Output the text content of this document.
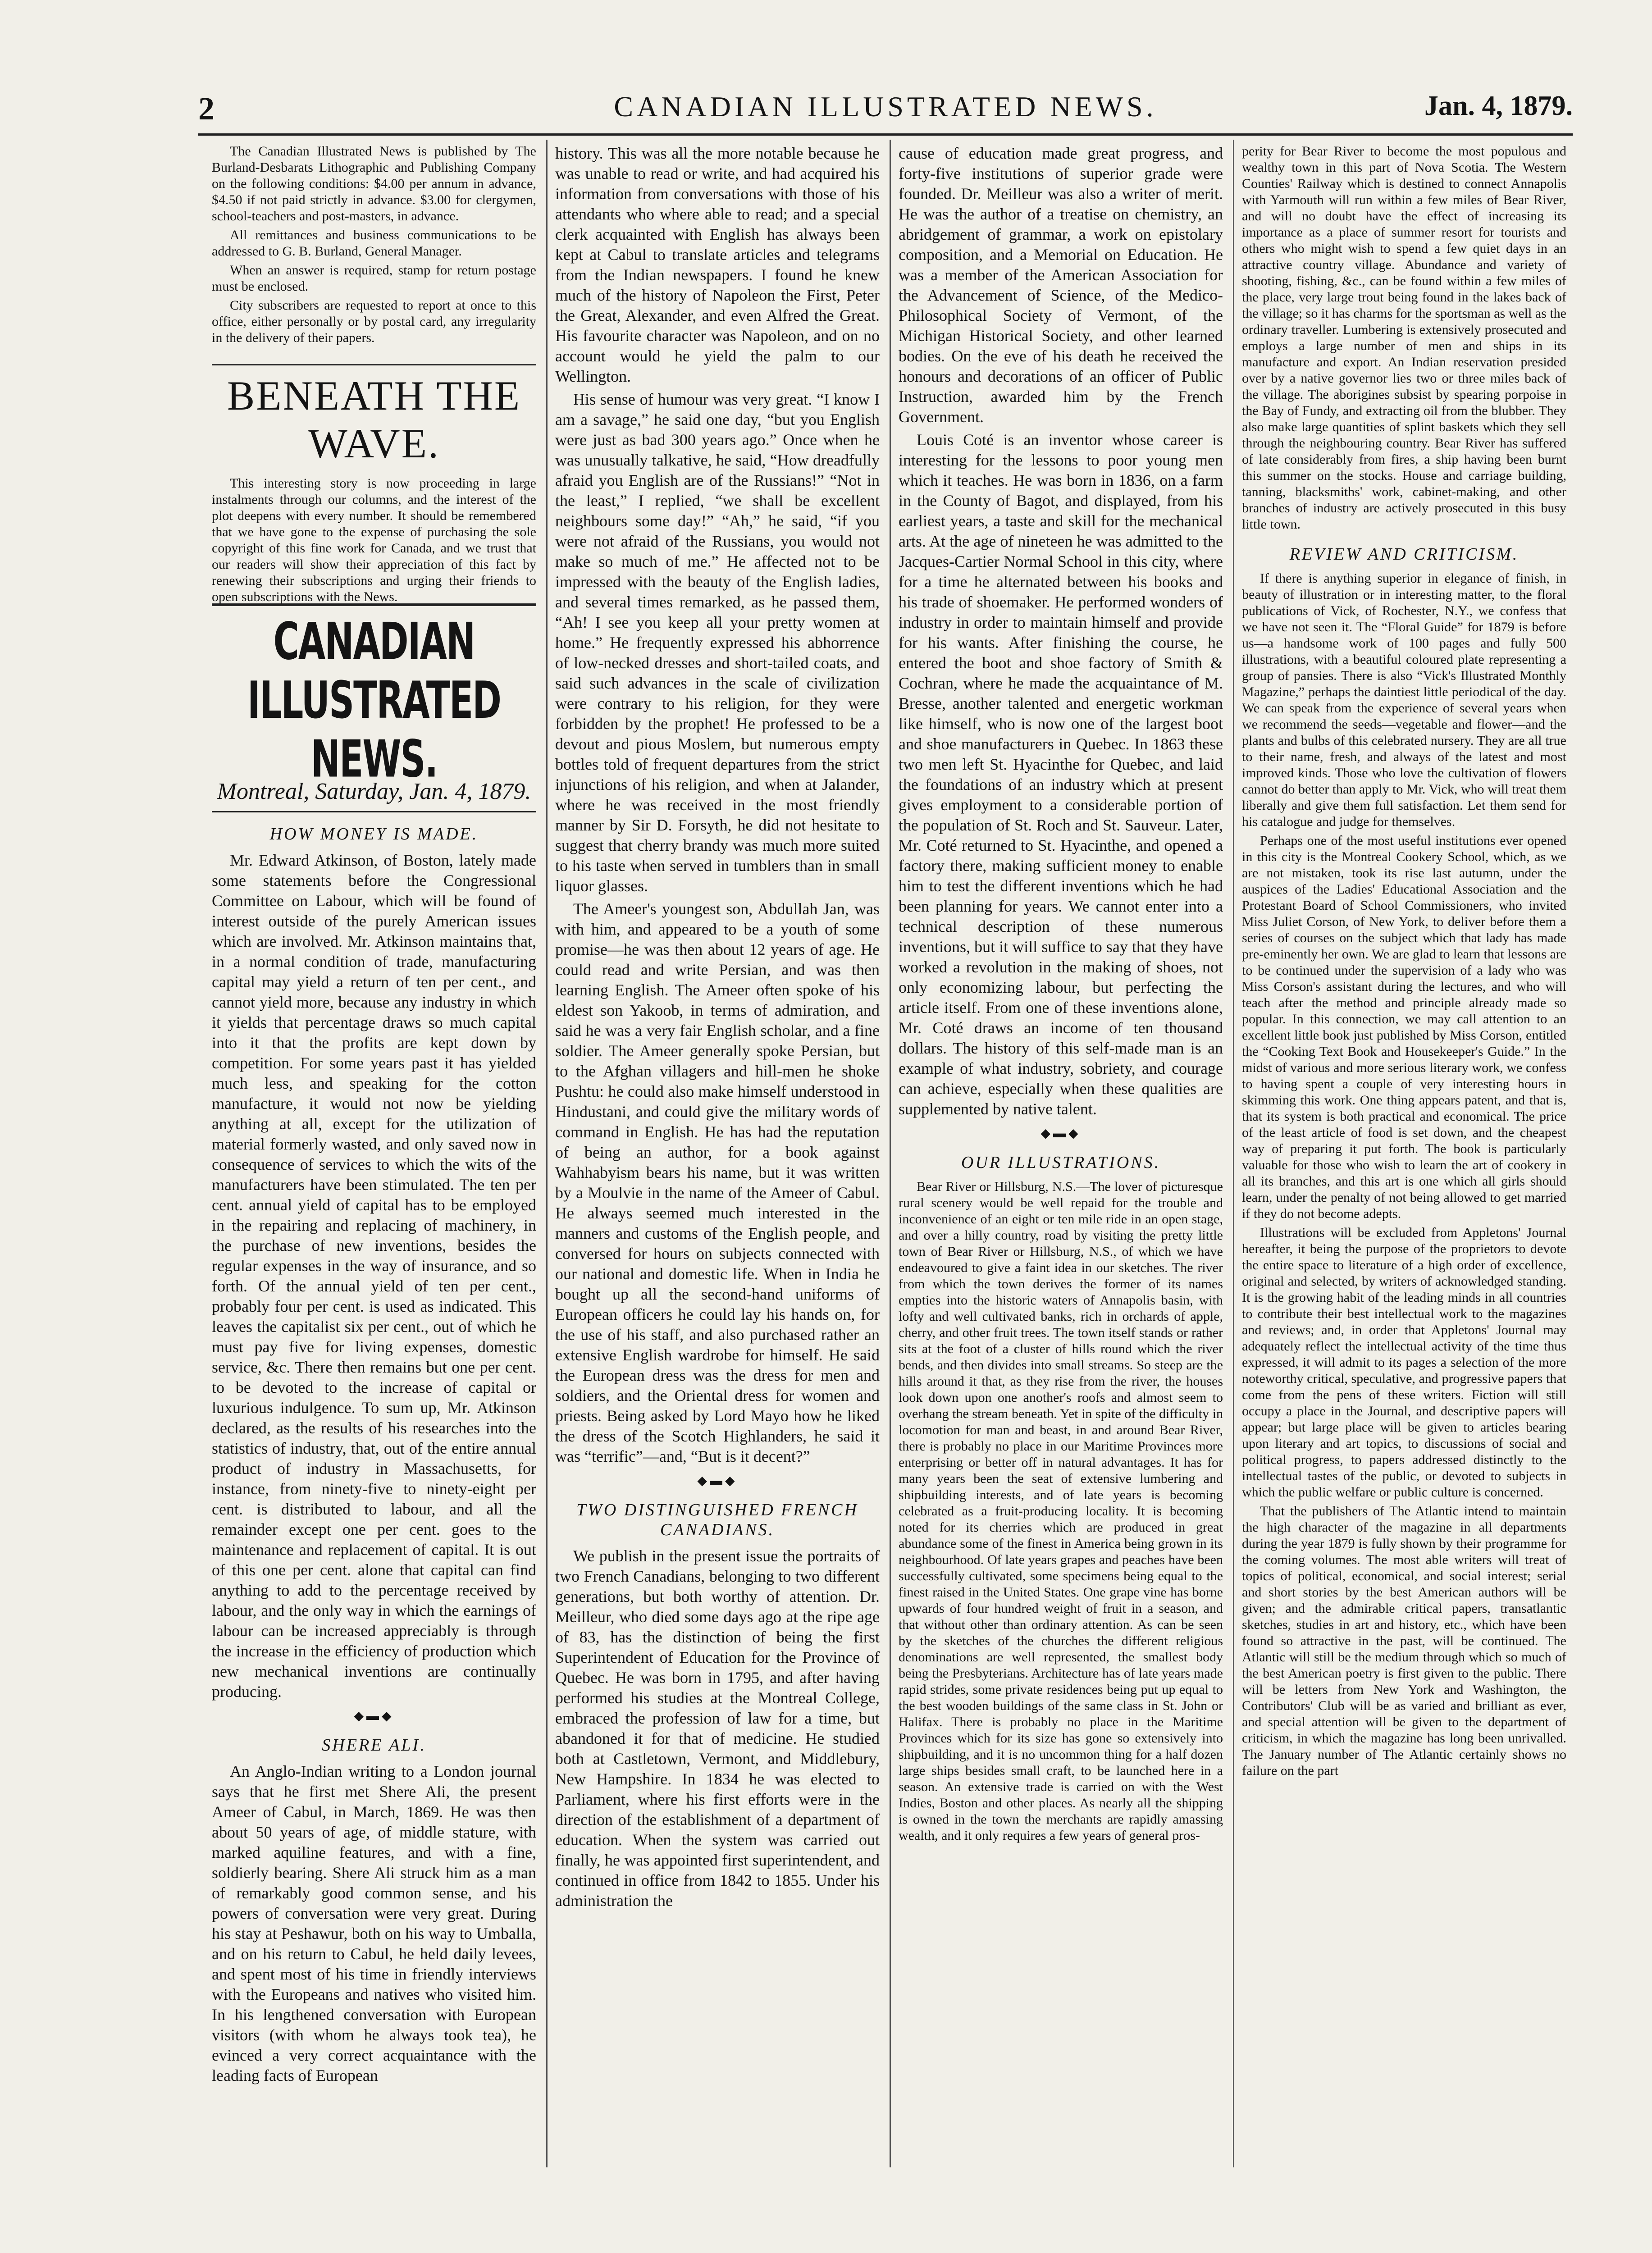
2	CANADIAN ILLUSTRATED NEWS.	Jan. 4, 1879.

The Canadian Illustrated News is published by The Burland-Desbarats Lithographic and Publishing Company on the following conditions: $4.00 per annum in advance, $4.50 if not paid strictly in advance. $3.00 for clergymen, school-teachers and post-masters, in advance.

All remittances and business communications to be addressed to G. B. Burland, General Manager.

When an answer is required, stamp for return postage must be enclosed.

City subscribers are requested to report at once to this office, either personally or by postal card, any irregularity in the delivery of their papers.

BENEATH THE WAVE.

This interesting story is now proceeding in large instalments through our columns, and the interest of the plot deepens with every number. It should be remembered that we have gone to the expense of purchasing the sole copyright of this fine work for Canada, and we trust that our readers will show their appreciation of this fact by renewing their subscriptions and urging their friends to open subscriptions with the News.

CANADIAN ILLUSTRATED NEWS.
Montreal, Saturday, Jan. 4, 1879.
HOW MONEY IS MADE.

Mr. Edward Atkinson, of Boston, lately made some statements before the Congressional Committee on Labour, which will be found of interest outside of the purely American issues which are involved. Mr. Atkinson maintains that, in a normal condition of trade, manufacturing capital may yield a return of ten per cent., and cannot yield more, because any industry in which it yields that percentage draws so much capital into it that the profits are kept down by competition. For some years past it has yielded much less, and speaking for the cotton manufacture, it would not now be yielding anything at all, except for the utilization of material formerly wasted, and only saved now in consequence of services to which the wits of the manufacturers have been stimulated. The ten per cent. annual yield of capital has to be employed in the repairing and replacing of machinery, in the purchase of new inventions, besides the regular expenses in the way of insurance, and so forth. Of the annual yield of ten per cent., probably four per cent. is used as indicated. This leaves the capitalist six per cent., out of which he must pay five for living expenses, domestic service, &c. There then remains but one per cent. to be devoted to the increase of capital or luxurious indulgence. To sum up, Mr. Atkinson declared, as the results of his researches into the statistics of industry, that, out of the entire annual product of industry in Massachusetts, for instance, from ninety-five to ninety-eight per cent. is distributed to labour, and all the remainder except one per cent. goes to the maintenance and replacement of capital. It is out of this one per cent. alone that capital can find anything to add to the percentage received by labour, and the only way in which the earnings of labour can be increased appreciably is through the increase in the efficiency of production which new mechanical inventions are continually producing.

◆▬◆
SHERE ALI.

An Anglo-Indian writing to a London journal says that he first met Shere Ali, the present Ameer of Cabul, in March, 1869. He was then about 50 years of age, of middle stature, with marked aquiline features, and with a fine, soldierly bearing. Shere Ali struck him as a man of remarkably good common sense, and his powers of conversation were very great. During his stay at Peshawur, both on his way to Umballa, and on his return to Cabul, he held daily levees, and spent most of his time in friendly interviews with the Europeans and natives who visited him. In his lengthened conversation with European visitors (with whom he always took tea), he evinced a very correct acquaintance with the leading facts of European

history. This was all the more notable because he was unable to read or write, and had acquired his information from conversations with those of his attendants who where able to read; and a special clerk acquainted with English has always been kept at Cabul to translate articles and telegrams from the Indian newspapers. I found he knew much of the history of Napoleon the First, Peter the Great, Alexander, and even Alfred the Great. His favourite character was Napoleon, and on no account would he yield the palm to our Wellington.

His sense of humour was very great. “I know I am a savage,” he said one day, “but you English were just as bad 300 years ago.” Once when he was unusually talkative, he said, “How dreadfully afraid you English are of the Russians!” “Not in the least,” I replied, “we shall be excellent neighbours some day!” “Ah,” he said, “if you were not afraid of the Russians, you would not make so much of me.” He affected not to be impressed with the beauty of the English ladies, and several times remarked, as he passed them, “Ah! I see you keep all your pretty women at home.” He frequently expressed his abhorrence of low-necked dresses and short-tailed coats, and said such advances in the scale of civilization were contrary to his religion, for they were forbidden by the prophet! He professed to be a devout and pious Moslem, but numerous empty bottles told of frequent departures from the strict injunctions of his religion, and when at Jalander, where he was received in the most friendly manner by Sir D. Forsyth, he did not hesitate to suggest that cherry brandy was much more suited to his taste when served in tumblers than in small liquor glasses.

The Ameer's youngest son, Abdullah Jan, was with him, and appeared to be a youth of some promise—he was then about 12 years of age. He could read and write Persian, and was then learning English. The Ameer often spoke of his eldest son Yakoob, in terms of admiration, and said he was a very fair English scholar, and a fine soldier. The Ameer generally spoke Persian, but to the Afghan villagers and hill-men he shoke Pushtu: he could also make himself understood in Hindustani, and could give the military words of command in English. He has had the reputation of being an author, for a book against Wahhabyism bears his name, but it was written by a Moulvie in the name of the Ameer of Cabul. He always seemed much interested in the manners and customs of the English people, and conversed for hours on subjects connected with our national and domestic life. When in India he bought up all the second-hand uniforms of European officers he could lay his hands on, for the use of his staff, and also purchased rather an extensive English wardrobe for himself. He said the European dress was the dress for men and soldiers, and the Oriental dress for women and priests. Being asked by Lord Mayo how he liked the dress of the Scotch Highlanders, he said it was “terrific”—and, “But is it decent?”

◆▬◆
TWO DISTINGUISHED FRENCH CANADIANS.

We publish in the present issue the portraits of two French Canadians, belonging to two different generations, but both worthy of attention. Dr. Meilleur, who died some days ago at the ripe age of 83, has the distinction of being the first Superintendent of Education for the Province of Quebec. He was born in 1795, and after having performed his studies at the Montreal College, embraced the profession of law for a time, but abandoned it for that of medicine. He studied both at Castletown, Vermont, and Middlebury, New Hampshire. In 1834 he was elected to Parliament, where his first efforts were in the direction of the establishment of a department of education. When the system was carried out finally, he was appointed first superintendent, and continued in office from 1842 to 1855. Under his administration the

cause of education made great progress, and forty-five institutions of superior grade were founded. Dr. Meilleur was also a writer of merit. He was the author of a treatise on chemistry, an abridgement of grammar, a work on epistolary composition, and a Memorial on Education. He was a member of the American Association for the Advancement of Science, of the Medico-Philosophical Society of Vermont, of the Michigan Historical Society, and other learned bodies. On the eve of his death he received the honours and decorations of an officer of Public Instruction, awarded him by the French Government.

Louis Coté is an inventor whose career is interesting for the lessons to poor young men which it teaches. He was born in 1836, on a farm in the County of Bagot, and displayed, from his earliest years, a taste and skill for the mechanical arts. At the age of nineteen he was admitted to the Jacques-Cartier Normal School in this city, where for a time he alternated between his books and his trade of shoemaker. He performed wonders of industry in order to maintain himself and provide for his wants. After finishing the course, he entered the boot and shoe factory of Smith & Cochran, where he made the acquaintance of M. Bresse, another talented and energetic workman like himself, who is now one of the largest boot and shoe manufacturers in Quebec. In 1863 these two men left St. Hyacinthe for Quebec, and laid the foundations of an industry which at present gives employment to a considerable portion of the population of St. Roch and St. Sauveur. Later, Mr. Coté returned to St. Hyacinthe, and opened a factory there, making sufficient money to enable him to test the different inventions which he had been planning for years. We cannot enter into a technical description of these numerous inventions, but it will suffice to say that they have worked a revolution in the making of shoes, not only economizing labour, but perfecting the article itself. From one of these inventions alone, Mr. Coté draws an income of ten thousand dollars. The history of this self-made man is an example of what industry, sobriety, and courage can achieve, especially when these qualities are supplemented by native talent.

◆▬◆
OUR ILLUSTRATIONS.

Bear River or Hillsburg, N.S.—The lover of picturesque rural scenery would be well repaid for the trouble and inconvenience of an eight or ten mile ride in an open stage, and over a hilly country, road by visiting the pretty little town of Bear River or Hillsburg, N.S., of which we have endeavoured to give a faint idea in our sketches. The river from which the town derives the former of its names empties into the historic waters of Annapolis basin, with lofty and well cultivated banks, rich in orchards of apple, cherry, and other fruit trees. The town itself stands or rather sits at the foot of a cluster of hills round which the river bends, and then divides into small streams. So steep are the hills around it that, as they rise from the river, the houses look down upon one another's roofs and almost seem to overhang the stream beneath. Yet in spite of the difficulty in locomotion for man and beast, in and around Bear River, there is probably no place in our Maritime Provinces more enterprising or better off in natural advantages. It has for many years been the seat of extensive lumbering and shipbuilding interests, and of late years is becoming celebrated as a fruit-producing locality. It is becoming noted for its cherries which are produced in great abundance some of the finest in America being grown in its neighbourhood. Of late years grapes and peaches have been successfully cultivated, some specimens being equal to the finest raised in the United States. One grape vine has borne upwards of four hundred weight of fruit in a season, and that without other than ordinary attention. As can be seen by the sketches of the churches the different religious denominations are well represented, the smallest body being the Presbyterians. Architecture has of late years made rapid strides, some private residences being put up equal to the best wooden buildings of the same class in St. John or Halifax. There is probably no place in the Maritime Provinces which for its size has gone so extensively into shipbuilding, and it is no uncommon thing for a half dozen large ships besides small craft, to be launched here in a season. An extensive trade is carried on with the West Indies, Boston and other places. As nearly all the shipping is owned in the town the merchants are rapidly amassing wealth, and it only requires a few years of general pros-

perity for Bear River to become the most populous and wealthy town in this part of Nova Scotia. The Western Counties' Railway which is destined to connect Annapolis with Yarmouth will run within a few miles of Bear River, and will no doubt have the effect of increasing its importance as a place of summer resort for tourists and others who might wish to spend a few quiet days in an attractive country village. Abundance and variety of shooting, fishing, &c., can be found within a few miles of the place, very large trout being found in the lakes back of the village; so it has charms for the sportsman as well as the ordinary traveller. Lumbering is extensively prosecuted and employs a large number of men and ships in its manufacture and export. An Indian reservation presided over by a native governor lies two or three miles back of the village. The aborigines subsist by spearing porpoise in the Bay of Fundy, and extracting oil from the blubber. They also make large quantities of splint baskets which they sell through the neighbouring country. Bear River has suffered of late considerably from fires, a ship having been burnt this summer on the stocks. House and carriage building, tanning, blacksmiths' work, cabinet-making, and other branches of industry are actively prosecuted in this busy little town.

REVIEW AND CRITICISM.

If there is anything superior in elegance of finish, in beauty of illustration or in interesting matter, to the floral publications of Vick, of Rochester, N.Y., we confess that we have not seen it. The “Floral Guide” for 1879 is before us—a handsome work of 100 pages and fully 500 illustrations, with a beautiful coloured plate representing a group of pansies. There is also “Vick's Illustrated Monthly Magazine,” perhaps the daintiest little periodical of the day. We can speak from the experience of several years when we recommend the seeds—vegetable and flower—and the plants and bulbs of this celebrated nursery. They are all true to their name, fresh, and always of the latest and most improved kinds. Those who love the cultivation of flowers cannot do better than apply to Mr. Vick, who will treat them liberally and give them full satisfaction. Let them send for his catalogue and judge for themselves.

Perhaps one of the most useful institutions ever opened in this city is the Montreal Cookery School, which, as we are not mistaken, took its rise last autumn, under the auspices of the Ladies' Educational Association and the Protestant Board of School Commissioners, who invited Miss Juliet Corson, of New York, to deliver before them a series of courses on the subject which that lady has made pre-eminently her own. We are glad to learn that lessons are to be continued under the supervision of a lady who was Miss Corson's assistant during the lectures, and who will teach after the method and principle already made so popular. In this connection, we may call attention to an excellent little book just published by Miss Corson, entitled the “Cooking Text Book and Housekeeper's Guide.” In the midst of various and more serious literary work, we confess to having spent a couple of very interesting hours in skimming this work. One thing appears patent, and that is, that its system is both practical and economical. The price of the least article of food is set down, and the cheapest way of preparing it put forth. The book is particularly valuable for those who wish to learn the art of cookery in all its branches, and this art is one which all girls should learn, under the penalty of not being allowed to get married if they do not become adepts.

Illustrations will be excluded from Appletons' Journal hereafter, it being the purpose of the proprietors to devote the entire space to literature of a high order of excellence, original and selected, by writers of acknowledged standing. It is the growing habit of the leading minds in all countries to contribute their best intellectual work to the magazines and reviews; and, in order that Appletons' Journal may adequately reflect the intellectual activity of the time thus expressed, it will admit to its pages a selection of the more noteworthy critical, speculative, and progressive papers that come from the pens of these writers. Fiction will still occupy a place in the Journal, and descriptive papers will appear; but large place will be given to articles bearing upon literary and art topics, to discussions of social and political progress, to papers addressed distinctly to the intellectual tastes of the public, or devoted to subjects in which the public welfare or public culture is concerned.

That the publishers of The Atlantic intend to maintain the high character of the magazine in all departments during the year 1879 is fully shown by their programme for the coming volumes. The most able writers will treat of topics of political, economical, and social interest; serial and short stories by the best American authors will be given; and the admirable critical papers, transatlantic sketches, studies in art and history, etc., which have been found so attractive in the past, will be continued. The Atlantic will still be the medium through which so much of the best American poetry is first given to the public. There will be letters from New York and Washington, the Contributors' Club will be as varied and brilliant as ever, and special attention will be given to the department of criticism, in which the magazine has long been unrivalled. The January number of The Atlantic certainly shows no failure on the part
